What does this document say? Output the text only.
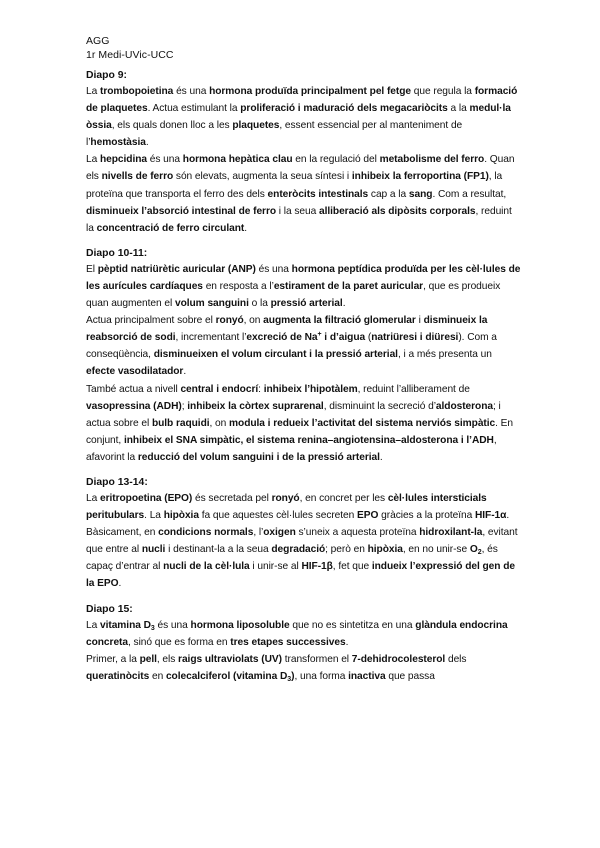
AGG
1r Medi-UVic-UCC
Diapo 9:

La trombopoietina és una hormona produïda principalment pel fetge que regula la formació de plaquetes. Actua estimulant la proliferació i maduració dels megacariòcits a la medul·la òssia, els quals donen lloc a les plaquetes, essent essencial per al manteniment de l’hemostàsia.

La hepcidina és una hormona hepàtica clau en la regulació del metabolisme del ferro. Quan els nivells de ferro són elevats, augmenta la seua síntesi i inhibeix la ferroportina (FP1), la proteïna que transporta el ferro des dels enteròcits intestinals cap a la sang. Com a resultat, disminueix l’absorció intestinal de ferro i la seua alliberació als dipòsits corporals, reduint la concentració de ferro circulant.

Diapo 10-11:

El pèptid natriürètic auricular (ANP) és una hormona peptídica produïda per les cèl·lules de les aurícules cardíaques en resposta a l’estirament de la paret auricular, que es produeix quan augmenten el volum sanguini o la pressió arterial.

Actua principalment sobre el ronyó, on augmenta la filtració glomerular i disminueix la reabsorció de sodi, incrementant l’excreció de Na+ i d’aigua (natriüresi i diüresi). Com a conseqüència, disminueixen el volum circulant i la pressió arterial, i a més presenta un efecte vasodilatador.

També actua a nivell central i endocrí: inhibeix l’hipotàlem, reduint l’alliberament de vasopressina (ADH); inhibeix la còrtex suprarenal, disminuint la secreció d’aldosterona; i actua sobre el bulb raquidi, on modula i redueix l’activitat del sistema nerviós simpàtic. En conjunt, inhibeix el SNA simpàtic, el sistema renina–angiotensina–aldosterona i l’ADH, afavorint la reducció del volum sanguini i de la pressió arterial.

Diapo 13-14:

La eritropoetina (EPO) és secretada pel ronyó, en concret per les cèl·lules intersticials peritubulars. La hipòxia fa que aquestes cèl·lules secreten EPO gràcies a la proteïna HIF-1α.

Bàsicament, en condicions normals, l’oxigen s’uneix a aquesta proteïna hidroxilant-la, evitant que entre al nucli i destinant-la a la seua degradació; però en hipòxia, en no unir-se $O_2$, és capaç d’entrar al nucli de la cèl·lula i unir-se al HIF-1β, fet que indueix l’expressió del gen de la EPO.

Diapo 15:

La vitamina $D_3$ és una hormona liposoluble que no es sintetitza en una glàndula endocrina concreta, sinó que es forma en tres etapes successives.

Primer, a la pell, els raigs ultraviolats (UV) transformen el 7-dehidrocolesterol dels queratinòcits en colecalciferol (vitamina $D_3$), una forma inactiva que passa
